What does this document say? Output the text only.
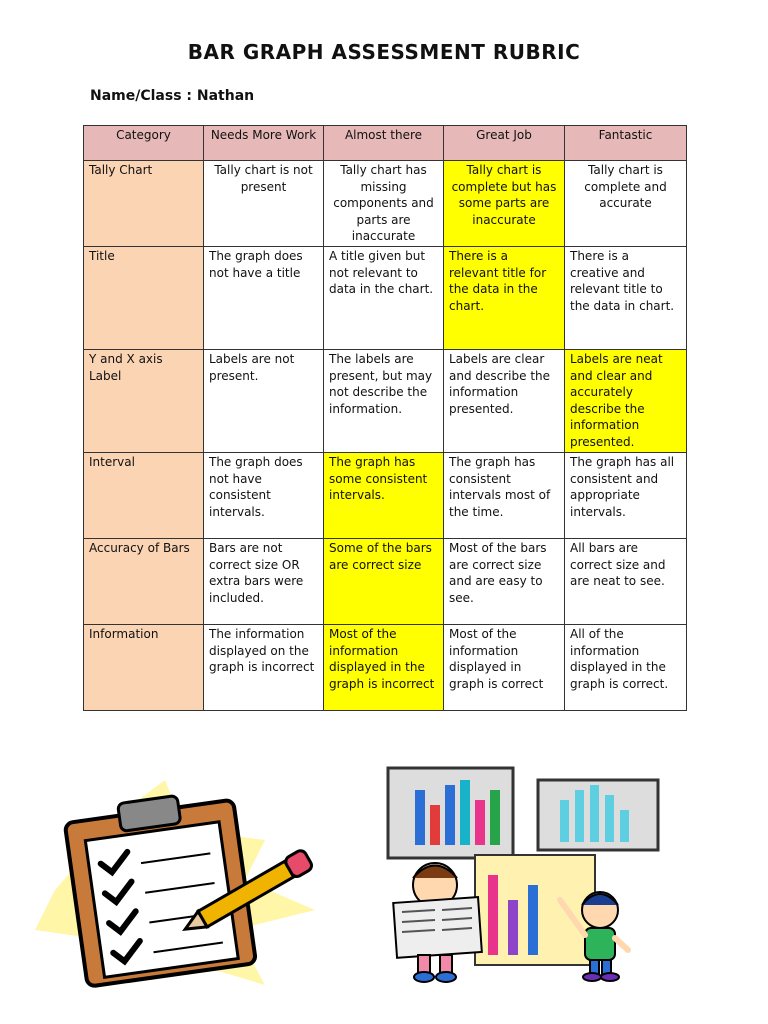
BAR GRAPH ASSESSMENT RUBRIC
Name/Class : Nathan
Category	Needs More Work	Almost there	Great Job	Fantastic
Tally Chart	Tally chart is not present	Tally chart has missing components and parts are inaccurate	Tally chart is complete but has some parts are inaccurate	Tally chart is complete and accurate
Title	The graph does not have a title	A title given but not relevant to data in the chart.	There is a relevant title for the data in the chart.	There is a creative and relevant title to the data in chart.
Y and X axis Label	Labels are not present.	The labels are present, but may not describe the information.	Labels are clear and describe the information presented.	Labels are neat and clear and accurately describe the information presented.
Interval	The graph does not have consistent intervals.	The graph has some consistent intervals.	The graph has consistent intervals most of the time.	The graph has all consistent and appropriate intervals.
Accuracy of Bars	Bars are not correct size OR extra bars were included.	Some of the bars are correct size	Most of the bars are correct size and are easy to see.	All bars are correct size and are neat to see.
Information	The information displayed on the graph is incorrect	Most of the information displayed in the graph is incorrect	Most of the information displayed in graph is correct	All of the information displayed in the graph is correct.
